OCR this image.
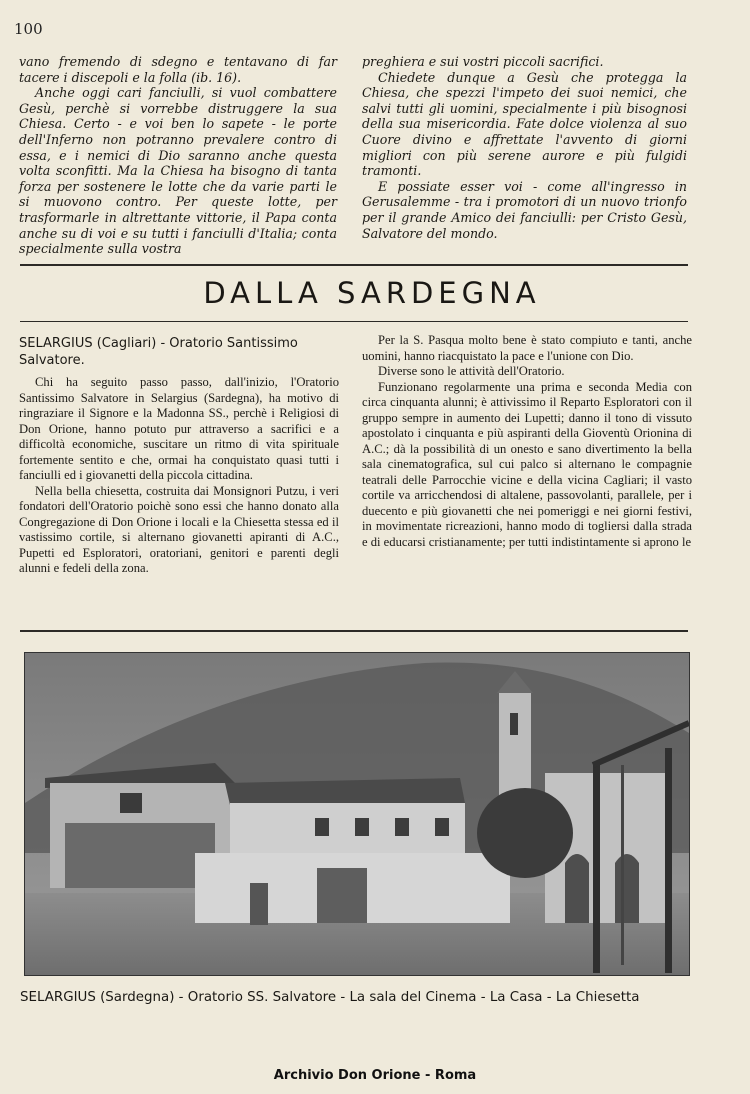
100

vano fremendo di sdegno e tentavano di far tacere i discepoli e la folla (ib. 16).

Anche oggi cari fanciulli, si vuol combattere Gesù, perchè si vorrebbe distruggere la sua Chiesa. Certo - e voi ben lo sapete - le porte dell'Inferno non potranno prevalere contro di essa, e i nemici di Dio saranno anche questa volta sconfitti. Ma la Chiesa ha bisogno di tanta forza per sostenere le lotte che da varie parti le si muovono contro. Per queste lotte, per trasformarle in altrettante vittorie, il Papa conta anche su di voi e su tutti i fanciulli d'Italia; conta specialmente sulla vostra

preghiera e sui vostri piccoli sacrifici.

Chiedete dunque a Gesù che protegga la Chiesa, che spezzi l'impeto dei suoi nemici, che salvi tutti gli uomini, specialmente i più bisognosi della sua misericordia. Fate dolce violenza al suo Cuore divino e affrettate l'avvento di giorni migliori con più serene aurore e più fulgidi tramonti.

E possiate esser voi - come all'ingresso in Gerusalemme - tra i promotori di un nuovo trionfo per il grande Amico dei fanciulli: per Cristo Gesù, Salvatore del mondo.

DALLA SARDEGNA

SELARGIUS (Cagliari) - Oratorio Santissimo Salvatore.

Chi ha seguito passo passo, dall'inizio, l'Oratorio Santissimo Salvatore in Selargius (Sardegna), ha motivo di ringraziare il Signore e la Madonna SS., perchè i Religiosi di Don Orione, hanno potuto pur attraverso a sacrifici e a difficoltà economiche, suscitare un ritmo di vita spirituale fortemente sentito e che, ormai ha conquistato quasi tutti i fanciulli ed i giovanetti della piccola cittadina.

Nella bella chiesetta, costruita dai Monsignori Putzu, i veri fondatori dell'Oratorio poichè sono essi che hanno donato alla Congregazione di Don Orione i locali e la Chiesetta stessa ed il vastissimo cortile, si alternano giovanetti apiranti di A.C., Pupetti ed Esploratori, oratoriani, genitori e parenti degli alunni e fedeli della zona.

Per la S. Pasqua molto bene è stato compiuto e tanti, anche uomini, hanno riacquistato la pace e l'unione con Dio.

Diverse sono le attività dell'Oratorio.

Funzionano regolarmente una prima e seconda Media con circa cinquanta alunni; è attivissimo il Reparto Esploratori con il gruppo sempre in aumento dei Lupetti; danno il tono di vissuto apostolato i cinquanta e più aspiranti della Gioventù Orionina di A.C.; dà la possibilità di un onesto e sano divertimento la bella sala cinematografica, sul cui palco si alternano le compagnie teatrali delle Parrocchie vicine e della vicina Cagliari; il vasto cortile va arricchendosi di altalene, passovolanti, parallele, per i duecento e più giovanetti che nei pomeriggi e nei giorni festivi, in movimentate ricreazioni, hanno modo di togliersi dalla strada e di educarsi cristianamente; per tutti indistintamente si aprono le

SELARGIUS (Sardegna) - Oratorio SS. Salvatore - La sala del Cinema - La Casa - La Chiesetta
Archivio Don Orione - Roma
